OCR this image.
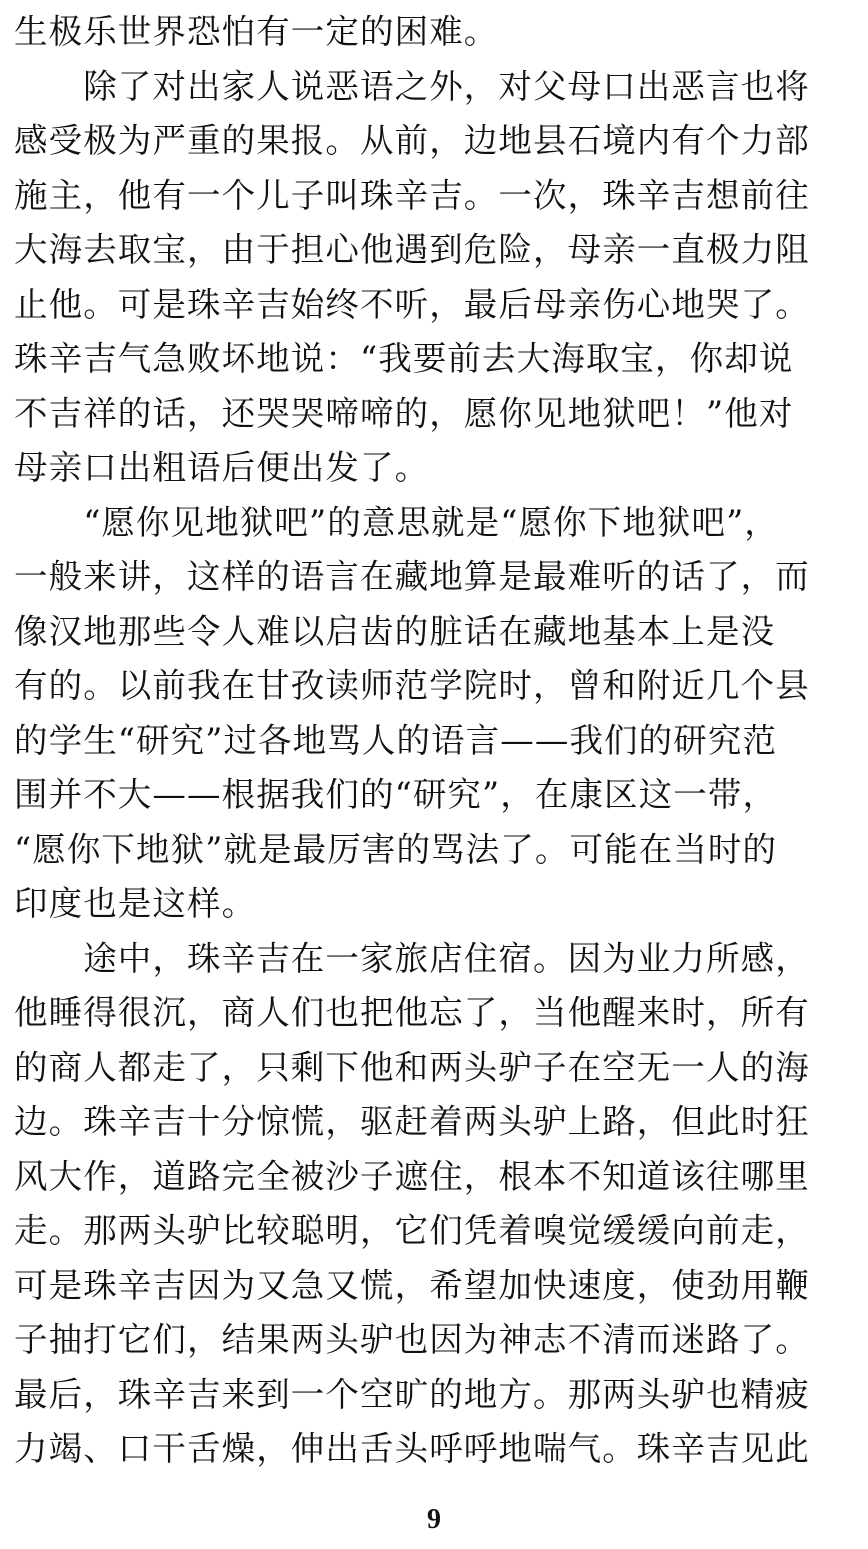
生极乐世界恐怕有一定的困难。
　　除了对出家人说恶语之外，对父母口出恶言也将
感受极为严重的果报。从前，边地县石境内有个力部
施主，他有一个儿子叫珠辛吉。一次，珠辛吉想前往
大海去取宝，由于担心他遇到危险，母亲一直极力阻
止他。可是珠辛吉始终不听，最后母亲伤心地哭了。
珠辛吉气急败坏地说：“我要前去大海取宝，你却说
不吉祥的话，还哭哭啼啼的，愿你见地狱吧！”他对
母亲口出粗语后便出发了。
　　“愿你见地狱吧”的意思就是“愿你下地狱吧”，
一般来讲，这样的语言在藏地算是最难听的话了，而
像汉地那些令人难以启齿的脏话在藏地基本上是没
有的。以前我在甘孜读师范学院时，曾和附近几个县
的学生“研究”过各地骂人的语言——我们的研究范
围并不大——根据我们的“研究”，在康区这一带，
“愿你下地狱”就是最厉害的骂法了。可能在当时的
印度也是这样。
　　途中，珠辛吉在一家旅店住宿。因为业力所感，
他睡得很沉，商人们也把他忘了，当他醒来时，所有
的商人都走了，只剩下他和两头驴子在空无一人的海
边。珠辛吉十分惊慌，驱赶着两头驴上路，但此时狂
风大作，道路完全被沙子遮住，根本不知道该往哪里
走。那两头驴比较聪明，它们凭着嗅觉缓缓向前走，
可是珠辛吉因为又急又慌，希望加快速度，使劲用鞭
子抽打它们，结果两头驴也因为神志不清而迷路了。
最后，珠辛吉来到一个空旷的地方。那两头驴也精疲
力竭、口干舌燥，伸出舌头呼呼地喘气。珠辛吉见此
9
